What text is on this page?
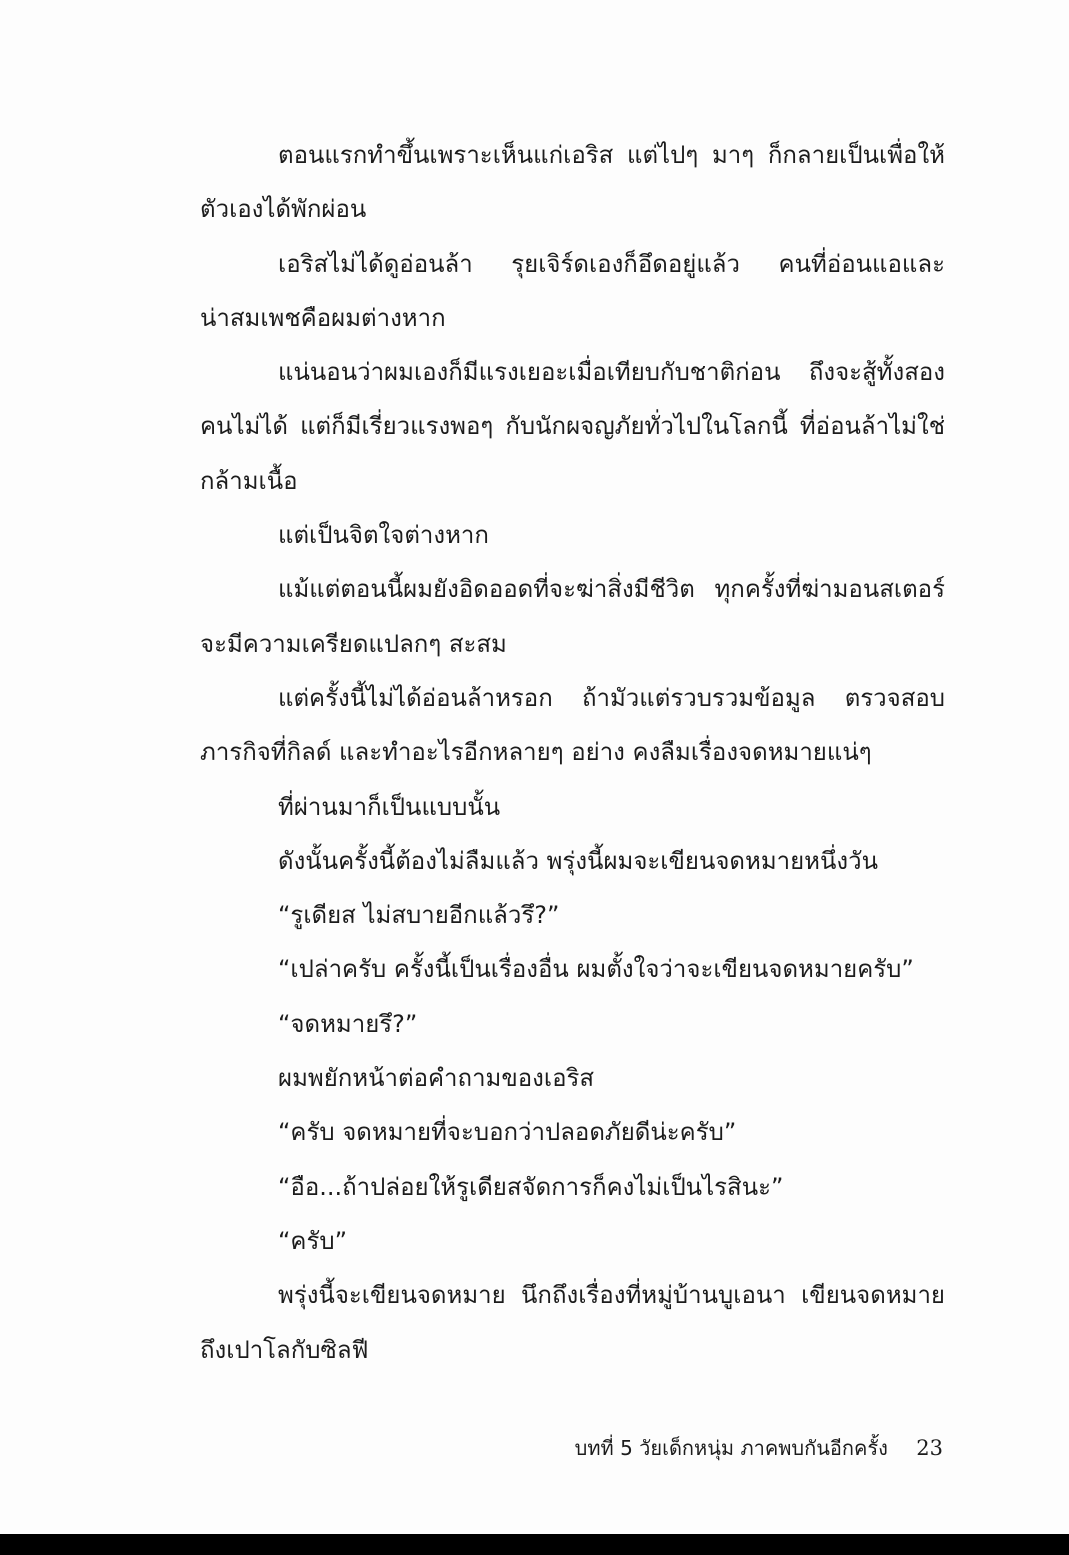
ตอนแรกทำขึ้นเพราะเห็นแก่เอริส แต่ไปๆ มาๆ ก็กลายเป็นเพื่อให้
ตัวเองได้พักผ่อน
เอริสไม่ได้ดูอ่อนล้า รุยเจิร์ดเองก็อึดอยู่แล้ว คนที่อ่อนแอและ
น่าสมเพชคือผมต่างหาก
แน่นอนว่าผมเองก็มีแรงเยอะเมื่อเทียบกับชาติก่อน ถึงจะสู้ทั้งสอง
คนไม่ได้ แต่ก็มีเรี่ยวแรงพอๆ กับนักผจญภัยทั่วไปในโลกนี้ ที่อ่อนล้าไม่ใช่
กล้ามเนื้อ
แต่เป็นจิตใจต่างหาก
แม้แต่ตอนนี้ผมยังอิดออดที่จะฆ่าสิ่งมีชีวิต ทุกครั้งที่ฆ่ามอนสเตอร์
จะมีความเครียดแปลกๆ สะสม
แต่ครั้งนี้ไม่ได้อ่อนล้าหรอก ถ้ามัวแต่รวบรวมข้อมูล ตรวจสอบ
ภารกิจที่กิลด์ และทำอะไรอีกหลายๆ อย่าง คงลืมเรื่องจดหมายแน่ๆ
ที่ผ่านมาก็เป็นแบบนั้น
ดังนั้นครั้งนี้ต้องไม่ลืมแล้ว พรุ่งนี้ผมจะเขียนจดหมายหนึ่งวัน
“รูเดียส ไม่สบายอีกแล้วรึ?”
“เปล่าครับ ครั้งนี้เป็นเรื่องอื่น ผมตั้งใจว่าจะเขียนจดหมายครับ”
“จดหมายรึ?”
ผมพยักหน้าต่อคำถามของเอริส
“ครับ จดหมายที่จะบอกว่าปลอดภัยดีน่ะครับ”
“อือ...ถ้าปล่อยให้รูเดียสจัดการก็คงไม่เป็นไรสินะ”
“ครับ”
พรุ่งนี้จะเขียนจดหมาย นึกถึงเรื่องที่หมู่บ้านบูเอนา เขียนจดหมาย
ถึงเปาโลกับซิลฟี
บทที่ 5 วัยเด็กหนุ่ม ภาคพบกันอีกครั้ง 23
